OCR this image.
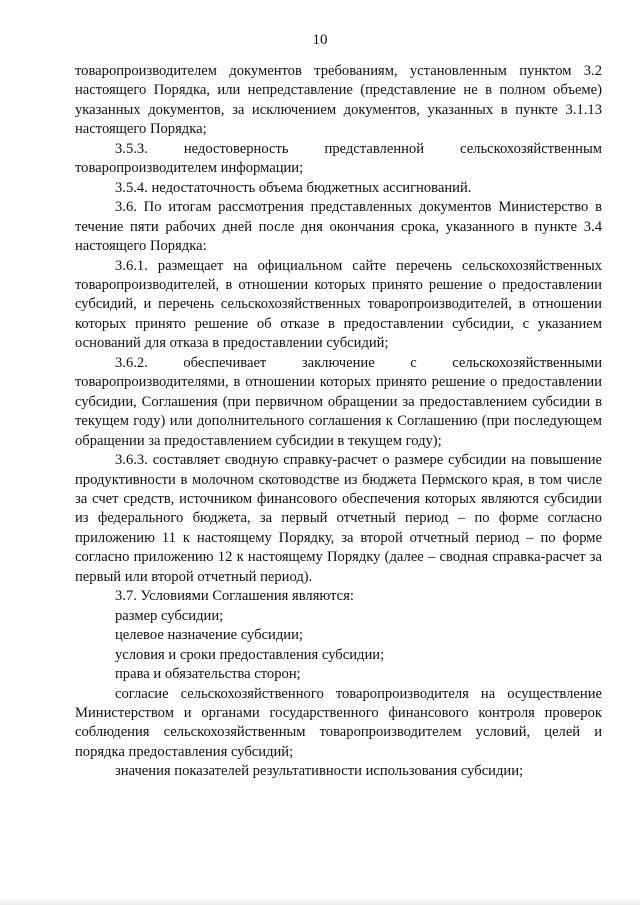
10

товаропроизводителем документов требованиям, установленным пунктом 3.2 настоящего Порядка, или непредставление (представление не в полном объеме) указанных документов, за исключением документов, указанных в пункте 3.1.13 настоящего Порядка;

3.5.3. недостоверность представленной сельскохозяйственным товаропроизводителем информации;

3.5.4. недостаточность объема бюджетных ассигнований.

3.6. По итогам рассмотрения представленных документов Министерство в течение пяти рабочих дней после дня окончания срока, указанного в пункте 3.4 настоящего Порядка:

3.6.1. размещает на официальном сайте перечень сельскохозяйственных товаропроизводителей, в отношении которых принято решение о предоставлении субсидий, и перечень сельскохозяйственных товаропроизводителей, в отношении которых принято решение об отказе в предоставлении субсидии, с указанием оснований для отказа в предоставлении субсидий;

3.6.2. обеспечивает заключение с сельскохозяйственными товаропроизводителями, в отношении которых принято решение о предоставлении субсидии, Соглашения (при первичном обращении за предоставлением субсидии в текущем году) или дополнительного соглашения к Соглашению (при последующем обращении за предоставлением субсидии в текущем году);

3.6.3. составляет сводную справку-расчет о размере субсидии на повышение продуктивности в молочном скотоводстве из бюджета Пермского края, в том числе за счет средств, источником финансового обеспечения которых являются субсидии из федерального бюджета, за первый отчетный период – по форме согласно приложению 11 к настоящему Порядку, за второй отчетный период – по форме согласно приложению 12 к настоящему Порядку (далее – сводная справка-расчет за первый или второй отчетный период).

3.7. Условиями Соглашения являются:

размер субсидии;

целевое назначение субсидии;

условия и сроки предоставления субсидии;

права и обязательства сторон;

согласие сельскохозяйственного товаропроизводителя на осуществление Министерством и органами государственного финансового контроля проверок соблюдения сельскохозяйственным товаропроизводителем условий, целей и порядка предоставления субсидий;

значения показателей результативности использования субсидии;
